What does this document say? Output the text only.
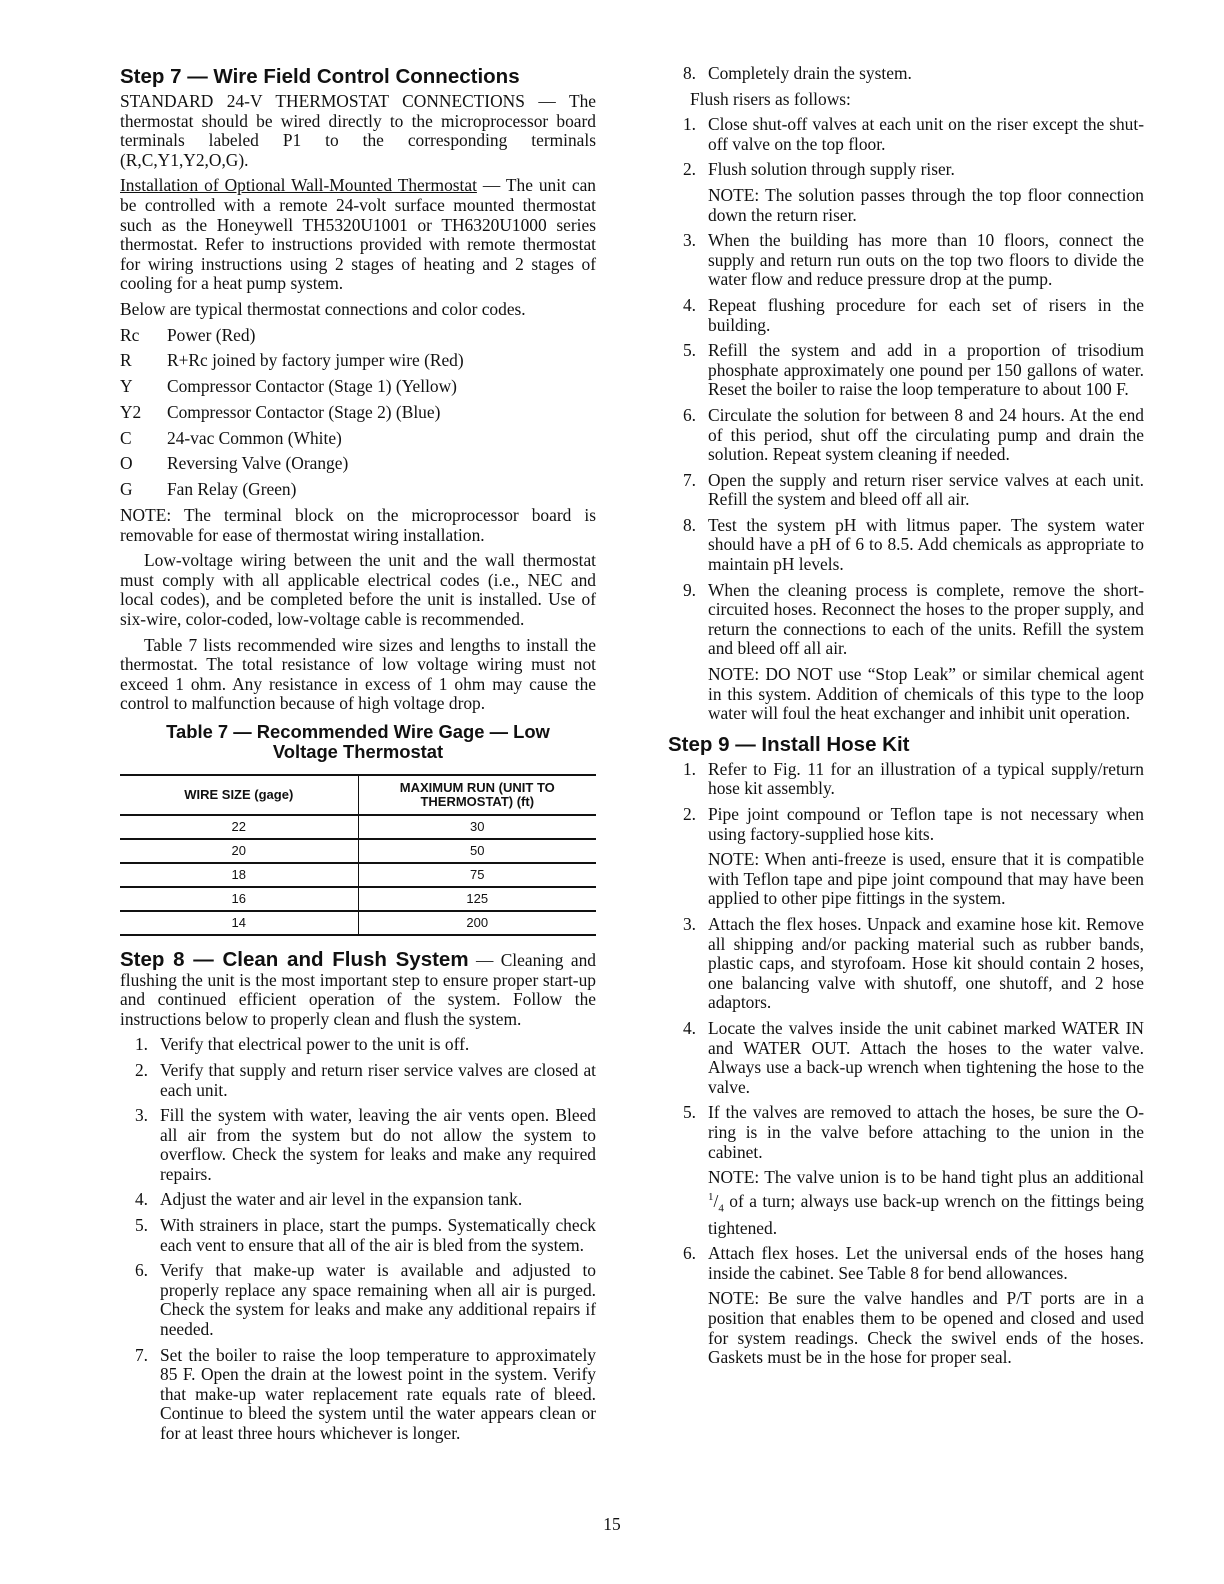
Step 7 — Wire Field Control Connections

STANDARD 24-V THERMOSTAT CONNECTIONS — The thermostat should be wired directly to the microprocessor board terminals labeled P1 to the corresponding terminals (R,C,Y1,Y2,O,G).

Installation of Optional Wall-Mounted Thermostat — The unit can be controlled with a remote 24-volt surface mounted thermostat such as the Honeywell TH5320U1001 or TH6320U1000 series thermostat. Refer to instructions provided with remote thermostat for wiring instructions using 2 stages of heating and 2 stages of cooling for a heat pump system.

Below are typical thermostat connections and color codes.

Rc	Power (Red)
R	R+Rc joined by factory jumper wire (Red)
Y	Compressor Contactor (Stage 1) (Yellow)
Y2	Compressor Contactor (Stage 2) (Blue)
C	24-vac Common (White)
O	Reversing Valve (Orange)
G	Fan Relay (Green)

NOTE: The terminal block on the microprocessor board is removable for ease of thermostat wiring installation.

Low-voltage wiring between the unit and the wall thermostat must comply with all applicable electrical codes (i.e., NEC and local codes), and be completed before the unit is installed. Use of six-wire, color-coded, low-voltage cable is recommended.

Table 7 lists recommended wire sizes and lengths to install the thermostat. The total resistance of low voltage wiring must not exceed 1 ohm. Any resistance in excess of 1 ohm may cause the control to malfunction because of high voltage drop.

Table 7 — Recommended Wire Gage — Low
Voltage Thermostat
WIRE SIZE (gage)	MAXIMUM RUN (UNIT TO THERMOSTAT) (ft)
22	30
20	50
18	75
16	125
14	200

Step 8 — Clean and Flush System — Cleaning and flushing the unit is the most important step to ensure proper start-up and continued efficient operation of the system. Follow the instructions below to properly clean and flush the system.

1. Verify that electrical power to the unit is off.
2. Verify that supply and return riser service valves are closed at each unit.
3. Fill the system with water, leaving the air vents open. Bleed all air from the system but do not allow the system to overflow. Check the system for leaks and make any required repairs.
4. Adjust the water and air level in the expansion tank.
5. With strainers in place, start the pumps. Systematically check each vent to ensure that all of the air is bled from the system.
6. Verify that make-up water is available and adjusted to properly replace any space remaining when all air is purged. Check the system for leaks and make any additional repairs if needed.
7. Set the boiler to raise the loop temperature to approximately 85 F. Open the drain at the lowest point in the system. Verify that make-up water replacement rate equals rate of bleed. Continue to bleed the system until the water appears clean or for at least three hours whichever is longer.
8. Completely drain the system.

Flush risers as follows:

1. Close shut-off valves at each unit on the riser except the shut-off valve on the top floor.
2. Flush solution through supply riser.
NOTE: The solution passes through the top floor connection down the return riser.
3. When the building has more than 10 floors, connect the supply and return run outs on the top two floors to divide the water flow and reduce pressure drop at the pump.
4. Repeat flushing procedure for each set of risers in the building.
5. Refill the system and add in a proportion of trisodium phosphate approximately one pound per 150 gallons of water. Reset the boiler to raise the loop temperature to about 100 F.
6. Circulate the solution for between 8 and 24 hours. At the end of this period, shut off the circulating pump and drain the solution. Repeat system cleaning if needed.
7. Open the supply and return riser service valves at each unit. Refill the system and bleed off all air.
8. Test the system pH with litmus paper. The system water should have a pH of 6 to 8.5. Add chemicals as appropriate to maintain pH levels.
9. When the cleaning process is complete, remove the short-circuited hoses. Reconnect the hoses to the proper supply, and return the connections to each of the units. Refill the system and bleed off all air.
NOTE: DO NOT use “Stop Leak” or similar chemical agent in this system. Addition of chemicals of this type to the loop water will foul the heat exchanger and inhibit unit operation.
Step 9 — Install Hose Kit
1. Refer to Fig. 11 for an illustration of a typical supply/return hose kit assembly.
2. Pipe joint compound or Teflon tape is not necessary when using factory-supplied hose kits.
NOTE: When anti-freeze is used, ensure that it is compatible with Teflon tape and pipe joint compound that may have been applied to other pipe fittings in the system.
3. Attach the flex hoses. Unpack and examine hose kit. Remove all shipping and/or packing material such as rubber bands, plastic caps, and styrofoam. Hose kit should contain 2 hoses, one balancing valve with shutoff, one shutoff, and 2 hose adaptors.
4. Locate the valves inside the unit cabinet marked WATER IN and WATER OUT. Attach the hoses to the water valve. Always use a back-up wrench when tightening the hose to the valve.
5. If the valves are removed to attach the hoses, be sure the O-ring is in the valve before attaching to the union in the cabinet.
NOTE: The valve union is to be hand tight plus an additional $^1/_4$ of a turn; always use back-up wrench on the fittings being tightened.
6. Attach flex hoses. Let the universal ends of the hoses hang inside the cabinet. See Table 8 for bend allowances.
NOTE: Be sure the valve handles and P/T ports are in a position that enables them to be opened and closed and used for system readings. Check the swivel ends of the hoses. Gaskets must be in the hose for proper seal.
15
